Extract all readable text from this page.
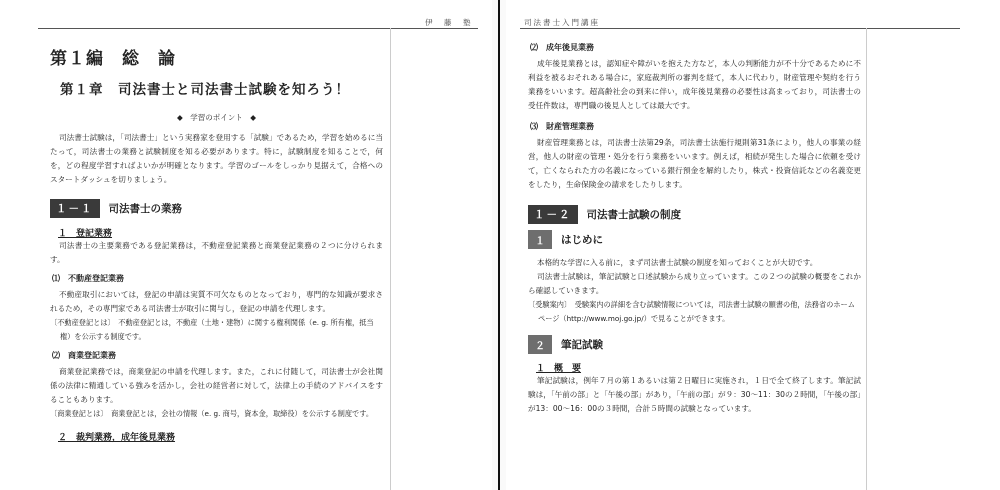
伊　藤　塾
第１編　総　論
第１章　司法書士と司法書士試験を知ろう！
◆　学習のポイント　◆

司法書士試験は，｢司法書士」という実務家を登用する「試験」であるため，学習を始めるに当たって，司法書士の業務と試験制度を知る必要があります。特に，試験制度を知ることで，何を，どの程度学習すればよいかが明確となります。学習のゴールをしっかり見据えて，合格へのスタートダッシュを切りましょう。

１－１	司法書士の業務
１　登記業務

司法書士の主要業務である登記業務は，不動産登記業務と商業登記業務の２つに分けられます。

⑴　不動産登記業務

不動産取引においては，登記の申請は実質不可欠なものとなっており，専門的な知識が要求されるため，その専門家である司法書士が取引に関与し，登記の申請を代理します。

〔不動産登記とは〕　不動産登記とは，不動産（土地・建物）に関する権利関係（e. g. 所有権，抵当権）を公示する制度です。
⑵　商業登記業務

商業登記業務では，商業登記の申請を代理します。また，これに付随して，司法書士が会社関係の法律に精通している強みを活かし，会社の経営者に対して，法律上の手続のアドバイスをすることもあります。

〔商業登記とは〕　商業登記とは，会社の情報（e. g. 商号，資本金，取締役）を公示する制度です。
２　裁判業務，成年後見業務
司法書士入門講座
⑵　成年後見業務

成年後見業務とは，認知症や障がいを抱えた方など，本人の判断能力が不十分であるために不利益を被るおそれある場合に，家庭裁判所の審判を経て，本人に代わり，財産管理や契約を行う業務をいいます。超高齢社会の到来に伴い，成年後見業務の必要性は高まっており，司法書士の受任件数は，専門職の後見人としては最大です。

⑶　財産管理業務

財産管理業務とは，司法書士法第29条，司法書士法施行規則第31条により，他人の事業の経営，他人の財産の管理・処分を行う業務をいいます。例えば，相続が発生した場合に依頼を受けて，亡くなられた方の名義になっている銀行預金を解約したり，株式・投資信託などの名義変更をしたり，生命保険金の請求をしたりします。

１－２	司法書士試験の制度
１	はじめに

本格的な学習に入る前に，まず司法書士試験の制度を知っておくことが大切です。

司法書士試験は，筆記試験と口述試験から成り立っています。この２つの試験の概要をこれから確認していきます。

〔受験案内〕　受験案内の詳細を含む試験情報については，司法書士試験の願書の他，法務省のホームページ（http://www.moj.go.jp/）で見ることができます。
２	筆記試験
１　概　要

筆記試験は，例年７月の第１あるいは第２日曜日に実施され，１日で全て終了します。筆記試験は，「午前の部」と「午後の部」があり，「午前の部」が９：30～11：30の２時間，「午後の部」が13：00～16：00の３時間，合計５時間の試験となっています。
